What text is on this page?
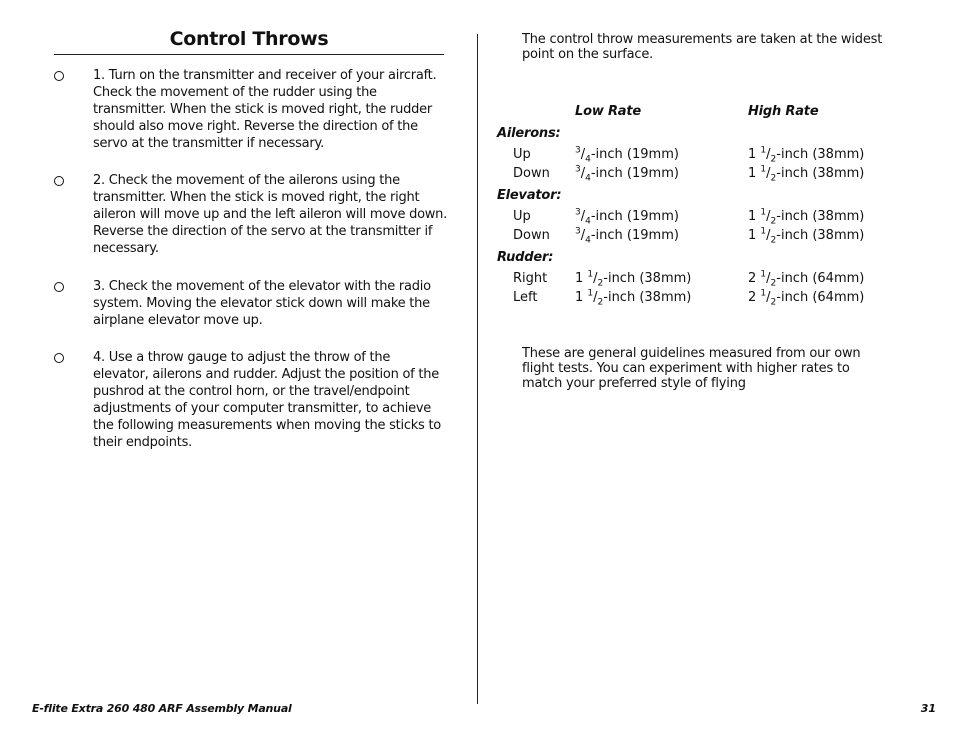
Control Throws
1. Turn on the transmitter and receiver of your aircraft. Check the movement of the rudder using the transmitter. When the stick is moved right, the rudder should also move right. Reverse the direction of the servo at the transmitter if necessary.
2. Check the movement of the ailerons using the transmitter. When the stick is moved right, the right aileron will move up and the left aileron will move down. Reverse the direction of the servo at the transmitter if necessary.
3. Check the movement of the elevator with the radio system. Moving the elevator stick down will make the airplane elevator move up.
4. Use a throw gauge to adjust the throw of the elevator, ailerons and rudder. Adjust the position of the pushrod at the control horn, or the travel/endpoint adjustments of your computer transmitter, to achieve the following measurements when moving the sticks to their endpoints.
The control throw measurements are taken at the widest point on the surface.
Low Rate	High Rate
Ailerons:
Up	$^3/_4$-inch (19mm)	1 $^1/_2$-inch (38mm)
Down	$^3/_4$-inch (19mm)	1 $^1/_2$-inch (38mm)
Elevator:
Up	$^3/_4$-inch (19mm)	1 $^1/_2$-inch (38mm)
Down	$^3/_4$-inch (19mm)	1 $^1/_2$-inch (38mm)
Rudder:
Right 1 $^1/_2$-inch (38mm)	2 $^1/_2$-inch (64mm)
Left	1 $^1/_2$-inch (38mm)	2 $^1/_2$-inch (64mm)
These are general guidelines measured from our own flight tests. You can experiment with higher rates to match your preferred style of flying
E-flite Extra 260 480 ARF Assembly Manual	31
